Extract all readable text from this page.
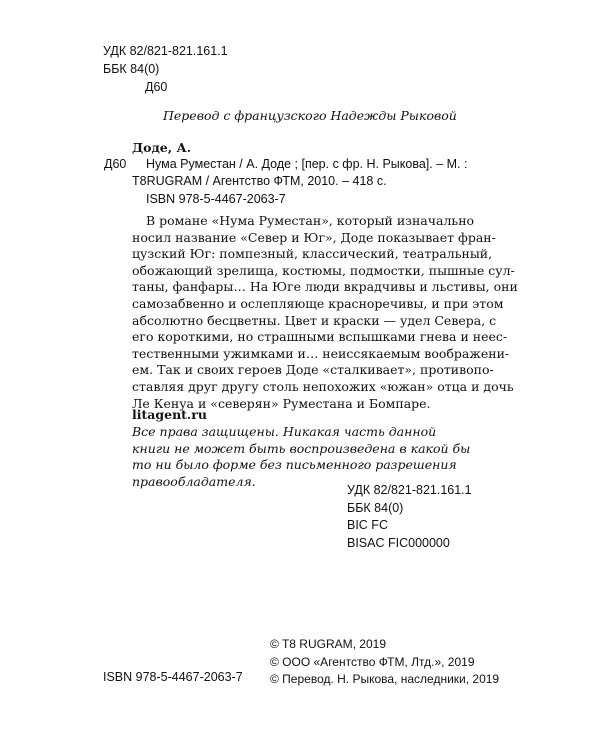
УДК 82/821-821.161.1
ББК 84(0)
Д60
Перевод с французского Надежды Рыковой
Доде, А.
Д60 Нума Руместан / А. Доде ; [пер. с фр. Н. Рыкова]. – М. :
T8RUGRAM / Агентство ФТМ, 2010. – 418 с.
ISBN 978-5-4467-2063-7
В романе «Нума Руместан», который изначально
носил название «Север и Юг», Доде показывает фран-
цузский Юг: помпезный, классический, театральный,
обожающий зрелища, костюмы, подмостки, пышные сул-
таны, фанфары… На Юге люди вкрадчивы и льстивы, они
самозабвенно и ослепляюще красноречивы, и при этом
абсолютно бесцветны. Цвет и краски — удел Севера, с
его короткими, но страшными вспышками гнева и неес-
тественными ужимками и… неиссякаемым воображени-
ем. Так и своих героев Доде «сталкивает», противопо-
ставляя друг другу столь непохожих «южан» отца и дочь
Ле Кенуа и «северян» Руместана и Бомпаре.
litagent.ru
Все права защищены. Никакая часть данной
книги не может быть воспроизведена в какой бы
то ни было форме без письменного разрешения
правообладателя.
УДК 82/821-821.161.1
ББК 84(0)
BIC FC
BISAC FIC000000
ISBN 978-5-4467-2063-7
© T8 RUGRAM, 2019
© ООО «Агентство ФТМ, Лтд.», 2019
© Перевод. Н. Рыкова, наследники, 2019
